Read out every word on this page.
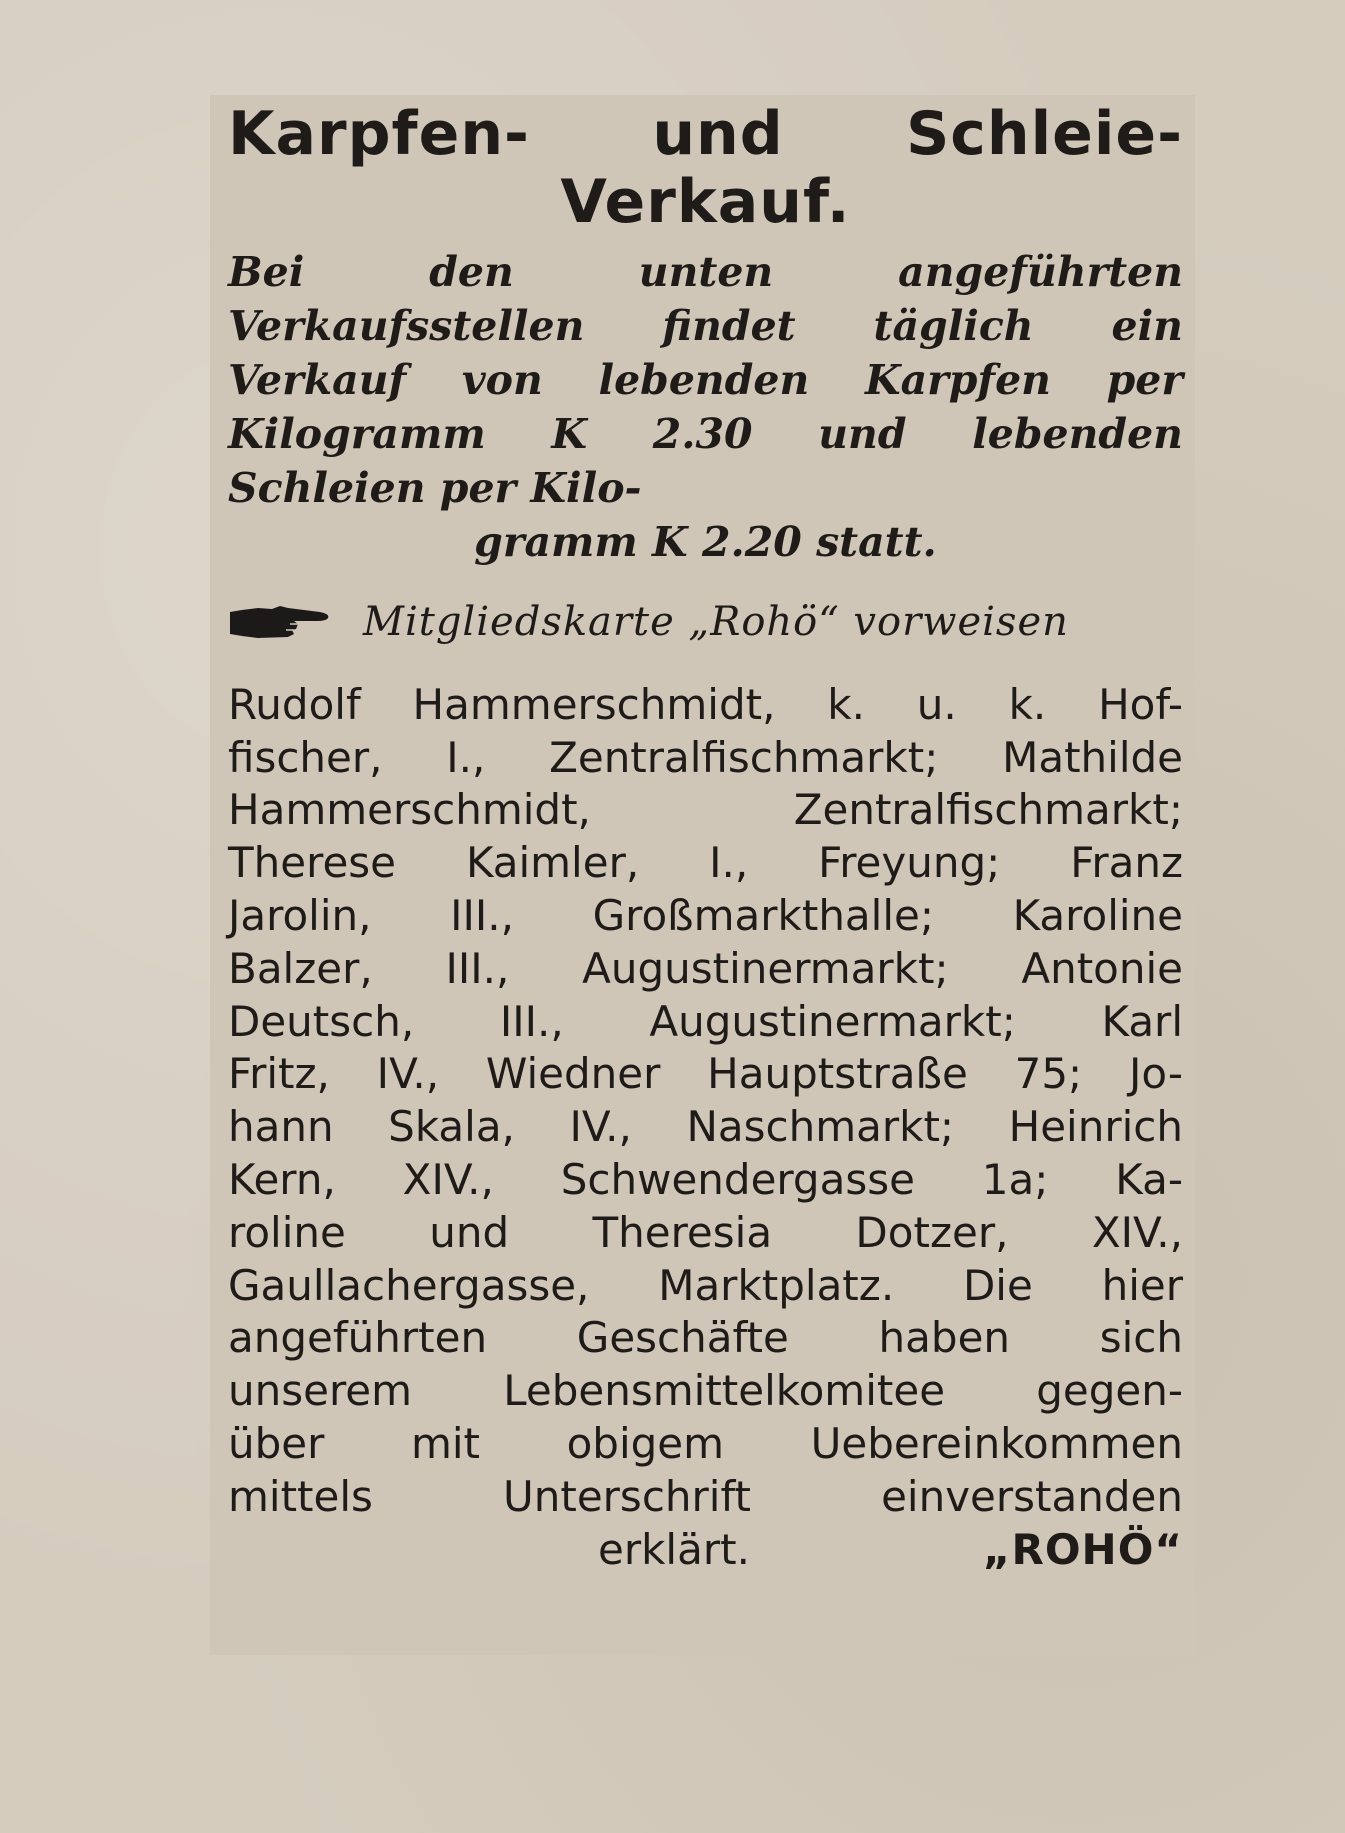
Karpfen- und Schleie-
Verkauf.

Bei den unten angeführten Verkaufsstellen findet täglich ein Verkauf von lebenden Karpfen per Kilogramm K 2.30 und lebenden Schleien per Kilo-
gramm K 2.20 statt.

Mitgliedskarte „Rohö“ vorweisen
Rudolf Hammerschmidt, k. u. k. Hof-
fischer, I., Zentralfischmarkt; Mathilde
Hammerschmidt, Zentralfischmarkt;
Therese Kaimler, I., Freyung; Franz
Jarolin, III., Großmarkthalle; Karoline
Balzer, III., Augustinermarkt; Antonie
Deutsch, III., Augustinermarkt; Karl
Fritz, IV., Wiedner Hauptstraße 75; Jo-
hann Skala, IV., Naschmarkt; Heinrich
Kern, XIV., Schwendergasse 1a; Ka-
roline und Theresia Dotzer, XIV.,
Gaullachergasse, Marktplatz. Die hier
angeführten Geschäfte haben sich
unserem Lebensmittelkomitee gegen-
über mit obigem Uebereinkommen
mittels Unterschrift einverstanden
erklärt.	„ROHÖ“
